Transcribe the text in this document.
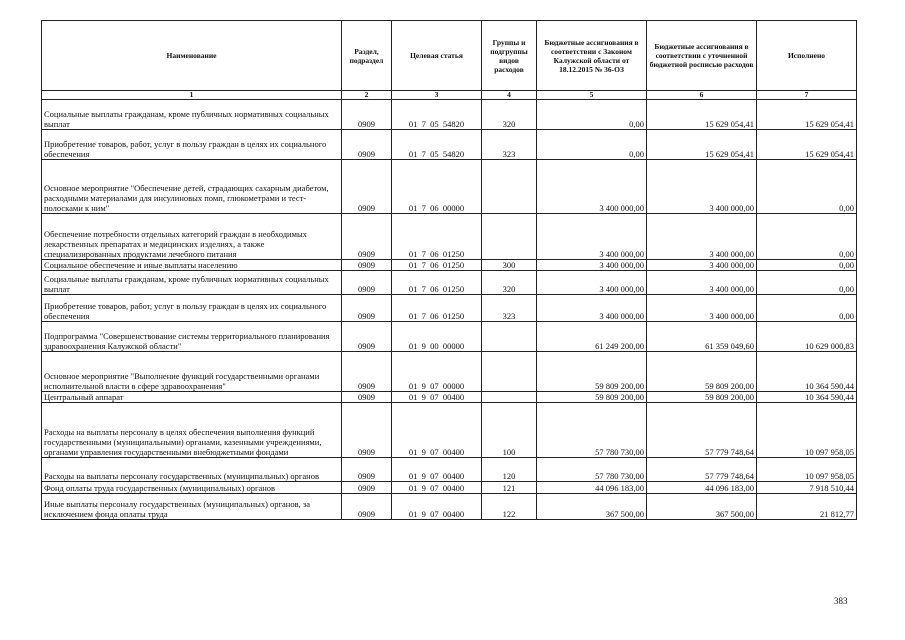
Наименование	Раздел, подраздел	Целевая статья	Группы и подгруппы видов расходов	Бюджетные ассигнования в соответствии с Законом Калужской области от 18.12.2015 № 36-ОЗ	Бюджетные ассигнования в соответствии с уточненной бюджетной росписью расходов	Исполнено
1	2	3	4	5	6	7
Социальные выплаты гражданам, кроме публичных нормативных социальных выплат	0909	01  7  05  54820	320	0,00	15 629 054,41	15 629 054,41
Приобретение товаров, работ, услуг в пользу граждан в целях их социального обеспечения	0909	01  7  05  54820	323	0,00	15 629 054,41	15 629 054,41
Основное мероприятие "Обеспечение детей, страдающих сахарным диабетом, расходными материалами для инсулиновых помп, глюкометрами и тест-полосками к ним"	0909	01  7  06  00000		3 400 000,00	3 400 000,00	0,00
Обеспечение потребности отдельных категорий граждан в необходимых лекарственных препаратах и медицинских изделиях, а также специализированных продуктами лечебного питания	0909	01  7  06  01250		3 400 000,00	3 400 000,00	0,00
Социальное обеспечение и иные выплаты населению	0909	01  7  06  01250	300	3 400 000,00	3 400 000,00	0,00
Социальные выплаты гражданам, кроме публичных нормативных социальных выплат	0909	01  7  06  01250	320	3 400 000,00	3 400 000,00	0,00
Приобретение товаров, работ, услуг в пользу граждан в целях их социального обеспечения	0909	01  7  06  01250	323	3 400 000,00	3 400 000,00	0,00
Подпрограмма "Совершенствование системы территориального планирования здравоохранения Калужской области"	0909	01  9  00  00000		61 249 200,00	61 359 049,60	10 629 000,83
Основное мероприятие "Выполнение функций государственными органами исполнительной власти в сфере здравоохранения"	0909	01  9  07  00000		59 809 200,00	59 809 200,00	10 364 590,44
Центральный аппарат	0909	01  9  07  00400		59 809 200,00	59 809 200,00	10 364 590,44
Расходы на выплаты персоналу в целях обеспечения выполнения функций государственными (муниципальными) органами, казенными учреждениями, органами управления государственными внебюджетными фондами	0909	01  9  07  00400	100	57 780 730,00	57 779 748,64	10 097 958,05
Расходы на выплаты персоналу государственных (муниципальных) органов	0909	01  9  07  00400	120	57 780 730,00	57 779 748,64	10 097 958,05
Фонд оплаты труда государственных (муниципальных) органов	0909	01  9  07  00400	121	44 096 183,00	44 096 183,00	7 918 510,44
Иные выплаты персоналу государственных (муниципальных) органов, за исключением фонда оплаты труда	0909	01  9  07  00400	122	367 500,00	367 500,00	21 812,77
383
